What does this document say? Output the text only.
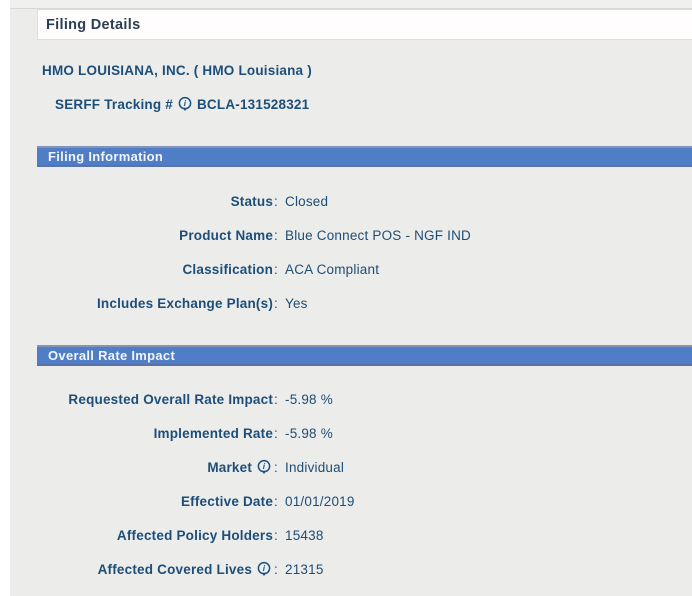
Filing Details
HMO LOUISIANA, INC. ( HMO Louisiana )
SERFF Tracking # i BCLA-131528321
Filing Information
Status : Closed
Product Name : Blue Connect POS - NGF IND
Classification : ACA Compliant
Includes Exchange Plan(s) : Yes
Overall Rate Impact
Requested Overall Rate Impact : -5.98 %
Implemented Rate : -5.98 %
Market i : Individual
Effective Date : 01/01/2019
Affected Policy Holders : 15438
Affected Covered Lives i : 21315
